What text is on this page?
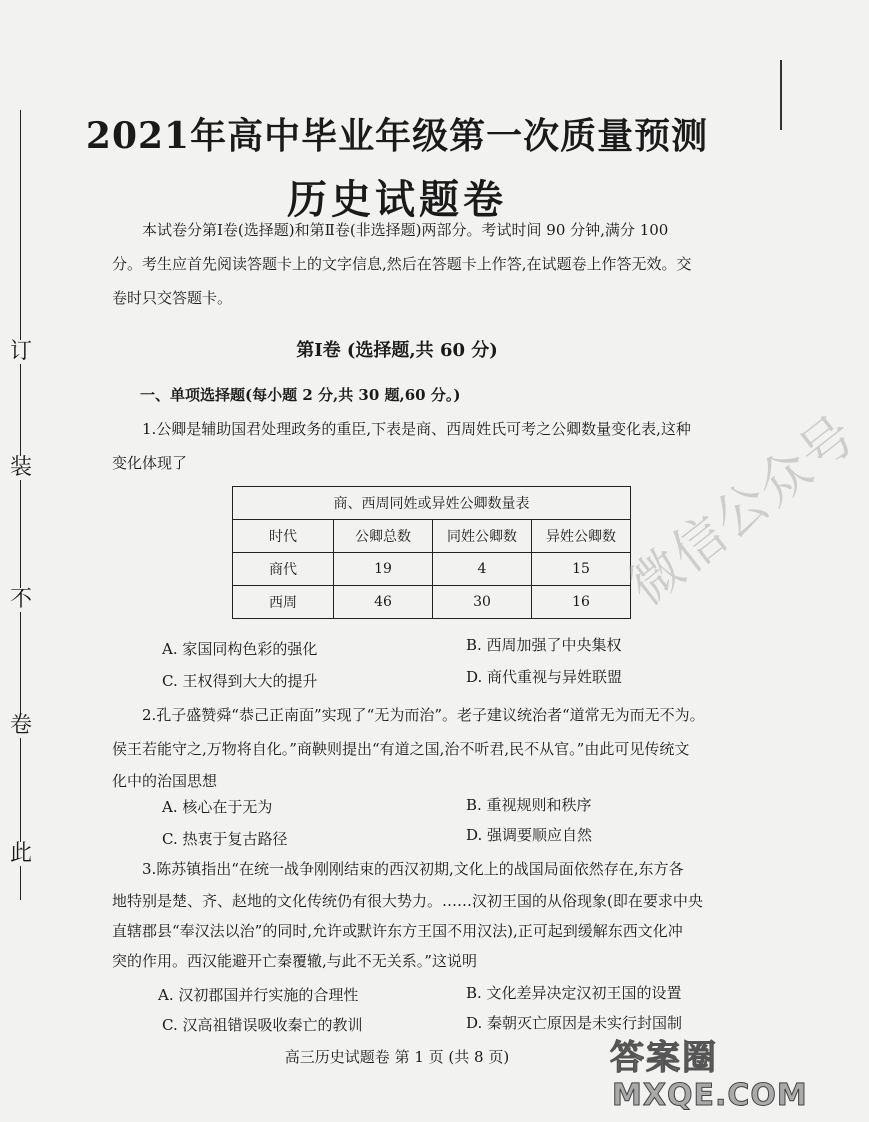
订
装
不
卷
此
2021年高中毕业年级第一次质量预测
历史试题卷
本试卷分第Ⅰ卷(选择题)和第Ⅱ卷(非选择题)两部分。考试时间 90 分钟,满分 100
分。考生应首先阅读答题卡上的文字信息,然后在答题卡上作答,在试题卷上作答无效。交
卷时只交答题卡。
第Ⅰ卷 (选择题,共 60 分)
一、单项选择题(每小题 2 分,共 30 题,60 分。)
1.公卿是辅助国君处理政务的重臣,下表是商、西周姓氏可考之公卿数量变化表,这种
变化体现了
商、西周同姓或异姓公卿数量表			
时代	公卿总数	同姓公卿数	异姓公卿数
商代	19	4	15
西周	46	30	16
A. 家国同构色彩的强化	B. 西周加强了中央集权
C. 王权得到大大的提升	D. 商代重视与异姓联盟
2.孔子盛赞舜“恭己正南面”实现了“无为而治”。老子建议统治者“道常无为而无不为。
侯王若能守之,万物将自化。”商鞅则提出“有道之国,治不听君,民不从官。”由此可见传统文
化中的治国思想
A. 核心在于无为	B. 重视规则和秩序
C. 热衷于复古路径	D. 强调要顺应自然
3.陈苏镇指出“在统一战争刚刚结束的西汉初期,文化上的战国局面依然存在,东方各
地特别是楚、齐、赵地的文化传统仍有很大势力。……汉初王国的从俗现象(即在要求中央
直辖郡县“奉汉法以治”的同时,允许或默许东方王国不用汉法),正可起到缓解东西文化冲
突的作用。西汉能避开亡秦覆辙,与此不无关系。”这说明
A. 汉初郡国并行实施的合理性	B. 文化差异决定汉初王国的设置
C. 汉高祖错误吸收秦亡的教训	D. 秦朝灭亡原因是未实行封国制
高三历史试题卷 第 1 页 (共 8 页)
微信公众号
答案圈
MXQE.COM
